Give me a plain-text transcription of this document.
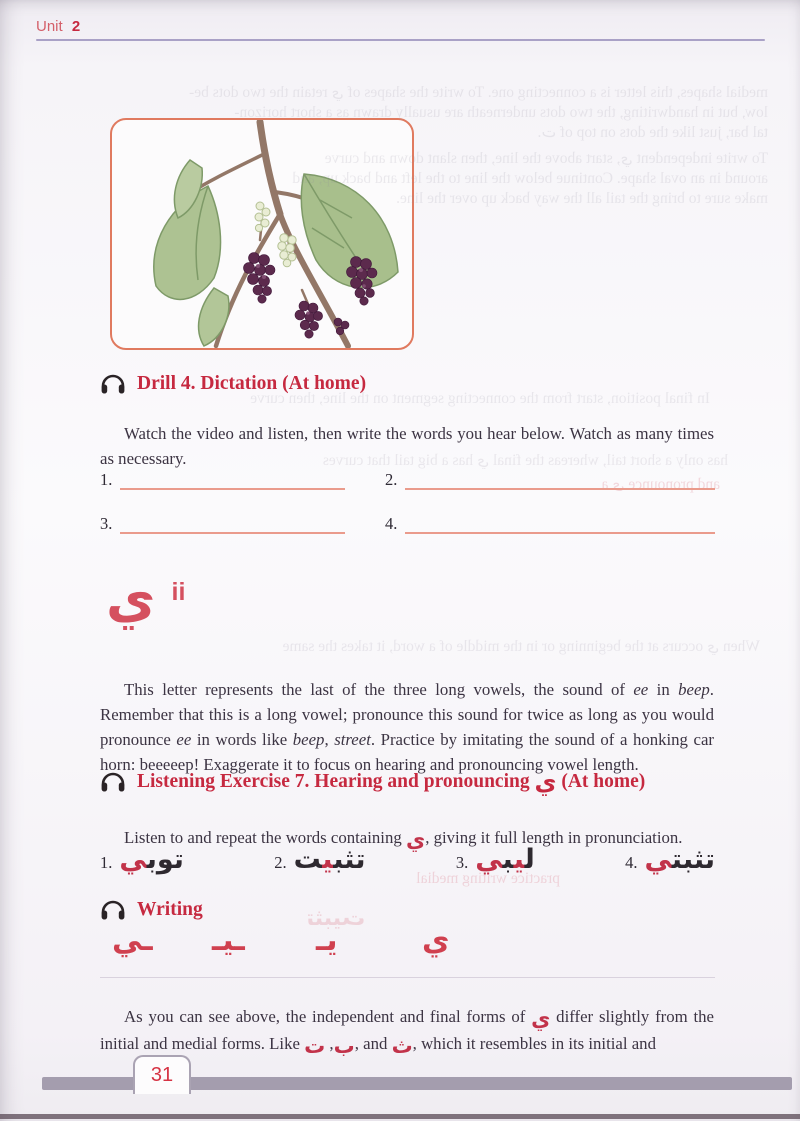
medial shapes, this letter is a connecting one. To write the shapes of ي retain the two dots be-
low, but in handwriting, the two dots underneath are usually drawn as a short horizon-
tal bar, just like the dots on top of ت.
To write independent ي, start above the line, then slant down and curve
around in an oval shape. Continue below the line to the left and back up, and
make sure to bring the tail all the way back up over the line.
In final position, start from the connecting segment on the line, then curve
has only a short tail, whereas the final ي has a big tail that curves
and pronounce ى a
When ي occurs at the beginning or in the middle of a word, it takes the same
practice writing medial
تثبيت
Unit 2
Drill 4. Dictation (At home)

Watch the video and listen, then write the words you hear below. Watch as many times as necessary.

1.	2.
3.	4.
ي ii

This letter represents the last of the three long vowels, the sound of ee in beep. Remember that this is a long vowel; pronounce this sound for twice as long as you would pronounce ee in words like beep, street. Practice by imitating the sound of a honking car horn: beeeeep! Exaggerate it to focus on hearing and pronouncing vowel length.

Listening Exercise 7. Hearing and pronouncing ي (At home)

Listen to and repeat the words containing ي, giving it full length in pronunciation.

1.	توبي	2.	تثبيت	3.	ليبي	4.	تثبتي
Writing
ـي ـيـ يـ	ي

As you can see above, the independent and final forms of ي differ slightly from the initial and medial forms. Like ب, ت , and ث, which it resembles in its initial and

31
